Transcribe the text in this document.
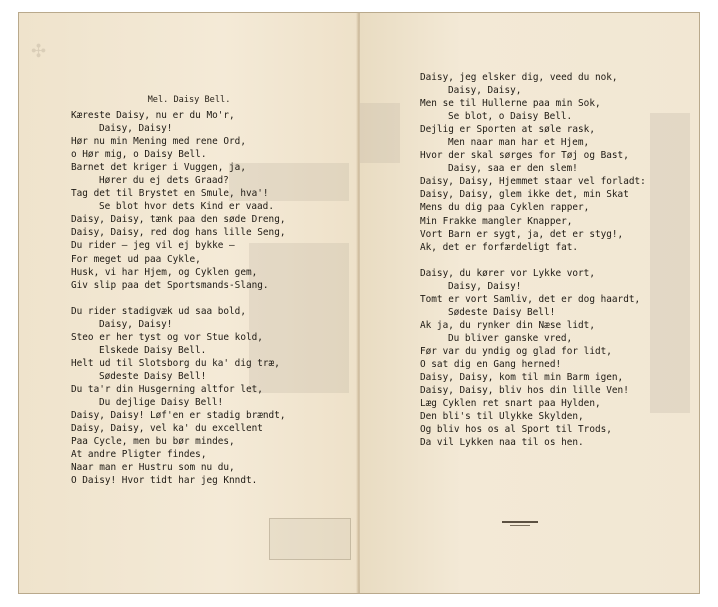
✣
Mel. Daisy Bell.
Kæreste Daisy, nu er du Mo'r,
Daisy, Daisy!
Hør nu min Mening med rene Ord,
o Hør mig, o Daisy Bell.
Barnet det kriger i Vuggen, ja,
Hører du ej dets Graad?
Tag det til Brystet en Smule, hva'!
Se blot hvor dets Kind er vaad.
Daisy, Daisy, tænk paa den søde Dreng,
Daisy, Daisy, red dog hans lille Seng,
Du rider — jeg vil ej bykke —
For meget ud paa Cykle,
Husk, vi har Hjem, og Cyklen gem,
Giv slip paa det Sportsmands-Slang.

Du rider stadigvæk ud saa bold,
Daisy, Daisy!
Steo er her tyst og vor Stue kold,
Elskede Daisy Bell.
Helt ud til Slotsborg du ka' dig træ,
Sødeste Daisy Bell!
Du ta'r din Husgerning altfor let,
Du dejlige Daisy Bell!
Daisy, Daisy! Løf'en er stadig brændt,
Daisy, Daisy, vel ka' du excellent
Paa Cycle, men bu bør mindes,
At andre Pligter findes,
Naar man er Hustru som nu du,
O Daisy! Hvor tidt har jeg Knndt.
Daisy, jeg elsker dig, veed du nok,
Daisy, Daisy,
Men se til Hullerne paa min Sok,
Se blot, o Daisy Bell.
Dejlig er Sporten at søle rask,
Men naar man har et Hjem,
Hvor der skal sørges for Tøj og Bast,
Daisy, saa er den slem!
Daisy, Daisy, Hjemmet staar vel forladt:
Daisy, Daisy, glem ikke det, min Skat
Mens du dig paa Cyklen rapper,
Min Frakke mangler Knapper,
Vort Barn er sygt, ja, det er styg!,
Ak, det er forfærdeligt fat.

Daisy, du kører vor Lykke vort,
Daisy, Daisy!
Tomt er vort Samliv, det er dog haardt,
Sødeste Daisy Bell!
Ak ja, du rynker din Næse lidt,
Du bliver ganske vred,
Før var du yndig og glad for lidt,
O sat dig en Gang herned!
Daisy, Daisy, kom til min Barm igen,
Daisy, Daisy, bliv hos din lille Ven!
Læg Cyklen ret snart paa Hylden,
Den bli's til Ulykke Skylden,
Og bliv hos os al Sport til Trods,
Da vil Lykken naa til os hen.
